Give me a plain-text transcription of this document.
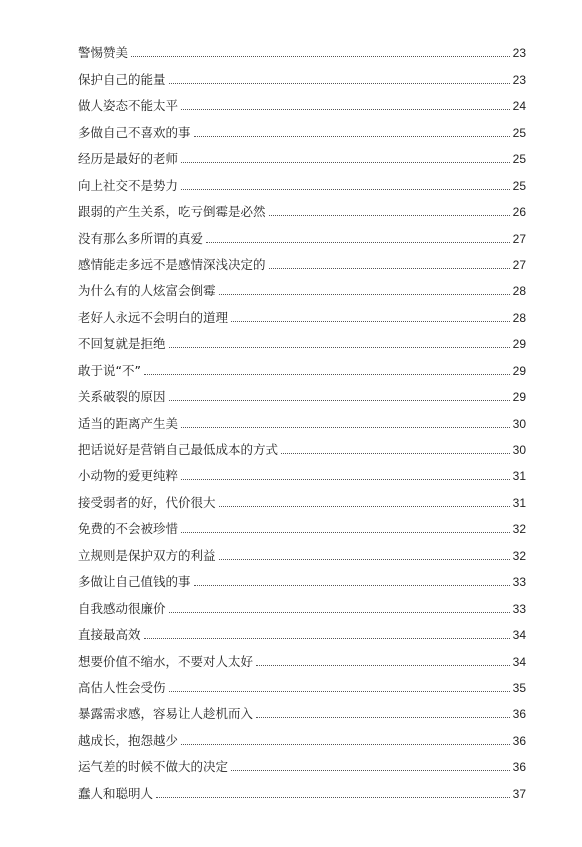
警惕赞美	23
保护自己的能量	23
做人姿态不能太平	24
多做自己不喜欢的事	25
经历是最好的老师	25
向上社交不是势力	25
跟弱的产生关系，吃亏倒霉是必然	26
没有那么多所谓的真爱	27
感情能走多远不是感情深浅决定的	27
为什么有的人炫富会倒霉	28
老好人永远不会明白的道理	28
不回复就是拒绝	29
敢于说“不”	29
关系破裂的原因	29
适当的距离产生美	30
把话说好是营销自己最低成本的方式	30
小动物的爱更纯粹	31
接受弱者的好，代价很大	31
免费的不会被珍惜	32
立规则是保护双方的利益	32
多做让自己值钱的事	33
自我感动很廉价	33
直接最高效	34
想要价值不缩水，不要对人太好	34
高估人性会受伤	35
暴露需求感，容易让人趁机而入	36
越成长，抱怨越少	36
运气差的时候不做大的决定	36
蠢人和聪明人	37
